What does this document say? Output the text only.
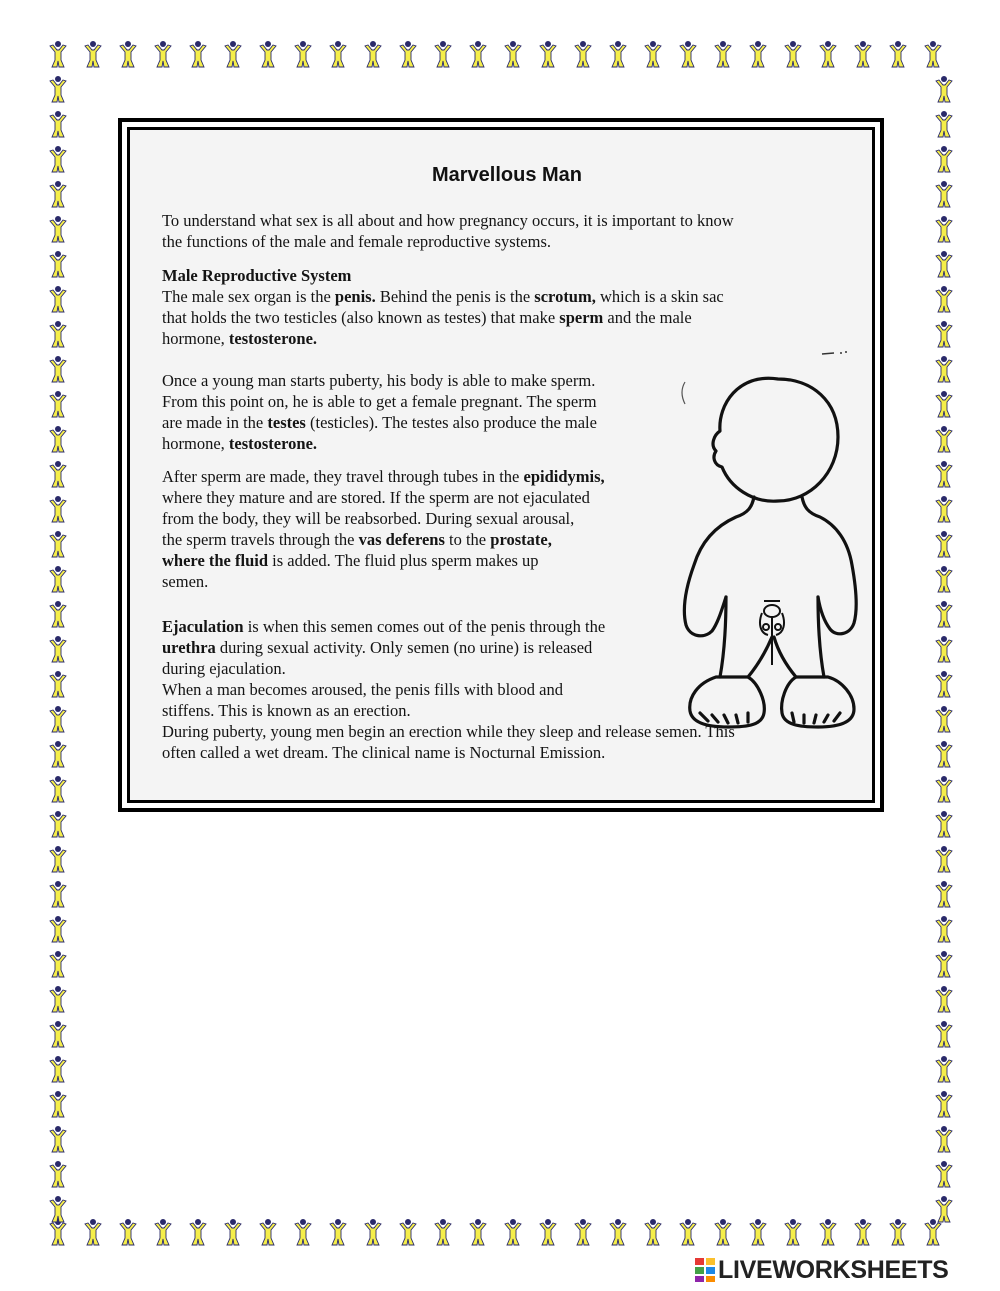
Marvellous Man
To understand what sex is all about and how pregnancy occurs, it is important to know
the functions of the male and female reproductive systems.
Male Reproductive System
The male sex organ is the penis. Behind the penis is the scrotum, which is a skin sac
that holds the two testicles (also known as testes) that make sperm and the male
hormone, testosterone.
Once a young man starts puberty, his body is able to make sperm.
From this point on, he is able to get a female pregnant. The sperm
are made in the testes (testicles). The testes also produce the male
hormone, testosterone.
After sperm are made, they travel through tubes in the epididymis,
where they mature and are stored. If the sperm are not ejaculated
from the body, they will be reabsorbed. During sexual arousal,
the sperm travels through the vas deferens to the prostate,
where the fluid is added. The fluid plus sperm makes up
semen.
Ejaculation is when this semen comes out of the penis through the
urethra during sexual activity. Only semen (no urine) is released
during ejaculation.
When a man becomes aroused, the penis fills with blood and
stiffens. This is known as an erection.
During puberty, young men begin an erection while they sleep and release semen. This
often called a wet dream. The clinical name is Nocturnal Emission.
LIVEWORKSHEETS
